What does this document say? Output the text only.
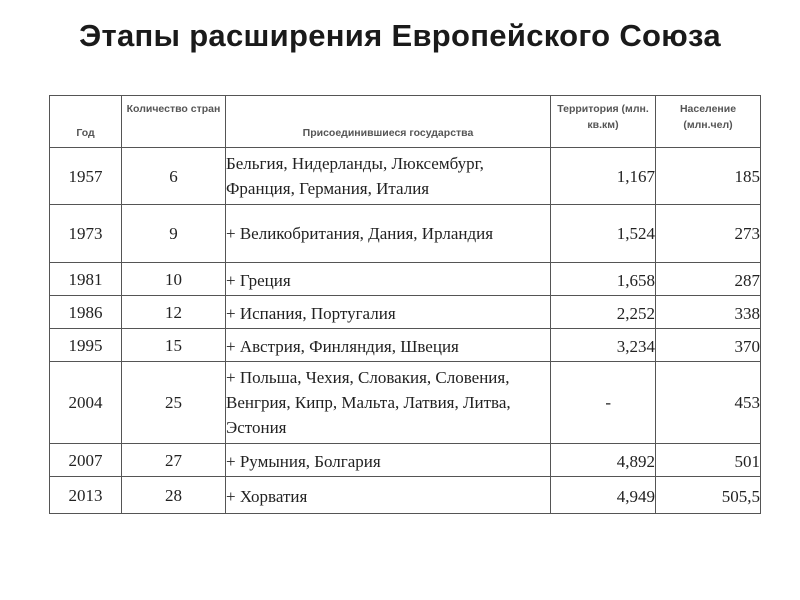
Этапы расширения Европейского Союза
Год	Количество стран	Присоединившиеся государства	Территория (млн. кв.км)	Население (млн.чел)
1957	6	Бельгия, Нидерланды, Люксембург, Франция, Германия, Италия	1,167	185
1973	9	+ Великобритания, Дания, Ирландия	1,524	273
1981	10	+ Греция	1,658	287
1986	12	+ Испания, Португалия	2,252	338
1995	15	+ Австрия, Финляндия, Швеция	3,234	370
2004	25	+ Польша, Чехия, Словакия, Словения, Венгрия, Кипр, Мальта, Латвия, Литва, Эстония	-	453
2007	27	+ Румыния, Болгария	4,892	501
2013	28	+ Хорватия	4,949	505,5
